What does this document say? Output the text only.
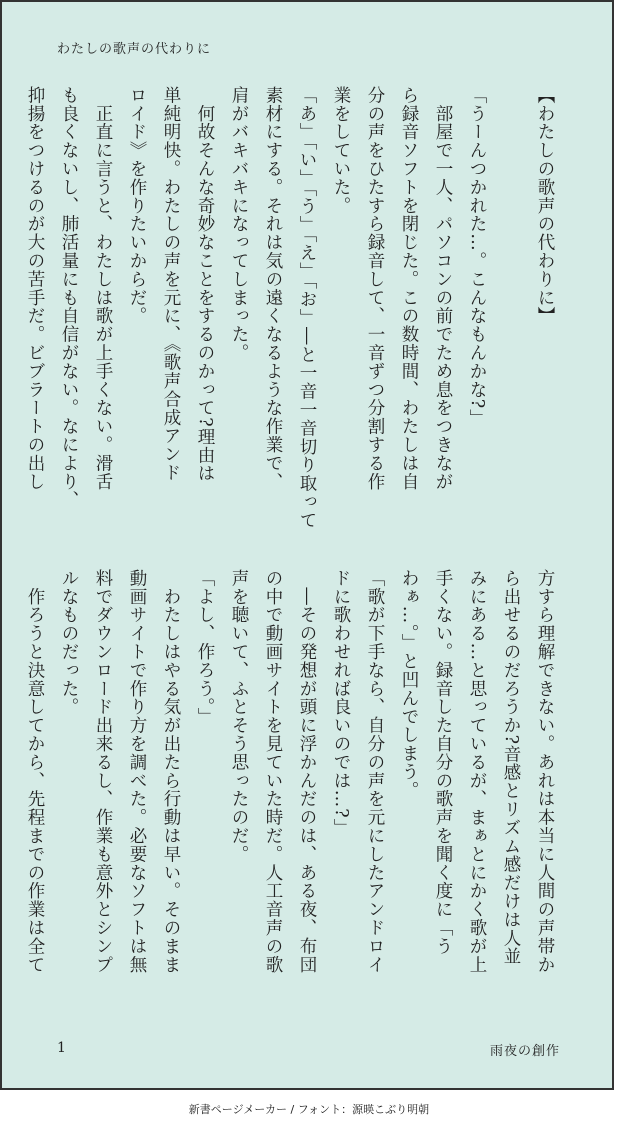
わたしの歌声の代わりに

【わたしの歌声の代わりに】

「うーんつかれた…。こんなもんかな?」

　部屋で一人、パソコンの前でため息をつきなが

ら録音ソフトを閉じた。この数時間、わたしは自

分の声をひたすら録音して、一音ずつ分割する作

業をしていた。

「あ」「い」「う」「え」「お」―と一音一音切り取って

素材にする。それは気の遠くなるような作業で、

肩がバキバキになってしまった。

　何故そんな奇妙なことをするのかって?理由は

単純明快。わたしの声を元に、《歌声合成アンド

ロイド》を作りたいからだ。

　正直に言うと、わたしは歌が上手くない。滑舌

も良くないし、肺活量にも自信がない。なにより、

抑揚をつけるのが大の苦手だ。ビブラートの出し

方すら理解できない。あれは本当に人間の声帯か

ら出せるのだろうか?音感とリズム感だけは人並

みにある…と思っているが、まぁとにかく歌が上

手くない。録音した自分の歌声を聞く度に「う

わぁ…。」と凹んでしまう。

「歌が下手なら、自分の声を元にしたアンドロイ

ドに歌わせれば良いのでは…?」

　―その発想が頭に浮かんだのは、ある夜、布団

の中で動画サイトを見ていた時だ。人工音声の歌

声を聴いて、ふとそう思ったのだ。

「よし、作ろう。」

　わたしはやる気が出たら行動は早い。そのまま

動画サイトで作り方を調べた。必要なソフトは無

料でダウンロード出来るし、作業も意外とシンプ

ルなものだった。

　作ろうと決意してから、先程までの作業は全て

1	雨夜の創作
新書ページメーカー / フォント：源暎こぶり明朝
